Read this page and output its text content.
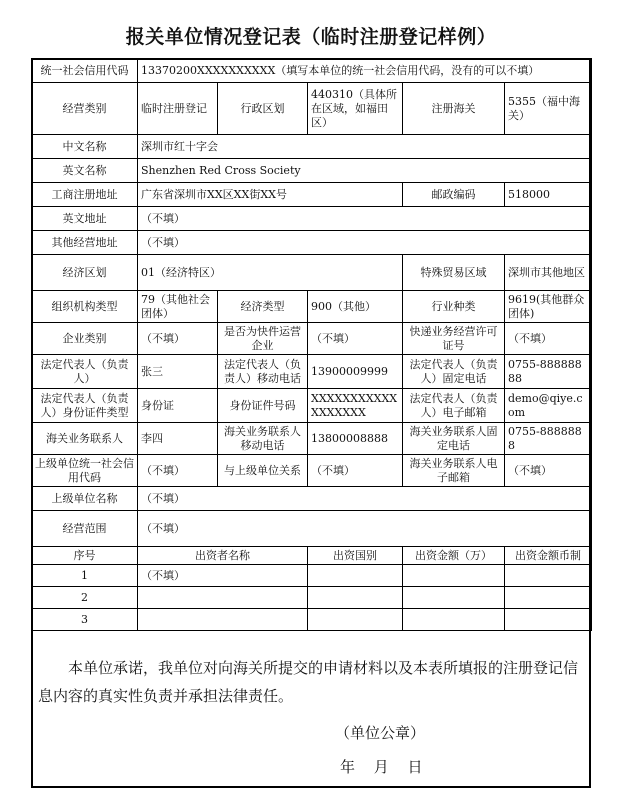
报关单位情况登记表（临时注册登记样例）
统一社会信用代码	13370200XXXXXXXXXX（填写本单位的统一社会信用代码，没有的可以不填）				
经营类别	临时注册登记	行政区划	440310（具体所在区域，如福田区）	注册海关	5355（福中海关）
中文名称	深圳市红十字会				
英文名称	Shenzhen Red Cross Society				
工商注册地址	广东省深圳市XX区XX街XX号			邮政编码	518000
英文地址	（不填）				
其他经营地址	（不填）				
经济区划	01（经济特区）			特殊贸易区域	深圳市其他地区
组织机构类型	79（其他社会团体）	经济类型	900（其他）	行业种类	9619(其他群众团体)
企业类别	（不填）	是否为快件运营企业	（不填）	快递业务经营许可证号	（不填）
法定代表人（负责人）	张三	法定代表人（负责人）移动电话	13900009999	法定代表人（负责人）固定电话	0755-88888888
法定代表人（负责人）身份证件类型	身份证	身份证件号码	XXXXXXXXXXXXXXXXXX	法定代表人（负责人）电子邮箱	demo@qiye.com
海关业务联系人	李四	海关业务联系人移动电话	13800008888	海关业务联系人固定电话	0755-8888888
上级单位统一社会信用代码	（不填）	与上级单位关系	（不填）	海关业务联系人电子邮箱	（不填）
上级单位名称	（不填）				
经营范围	（不填）				
序号	出资者名称		出资国别	出资金额（万）	出资金额币制
1	（不填）				
2					
3					
本单位承诺，我单位对向海关所提交的申请材料以及本表所填报的注册登记信息内容的真实性负责并承担法律责任。
（单位公章）
年 月 日
